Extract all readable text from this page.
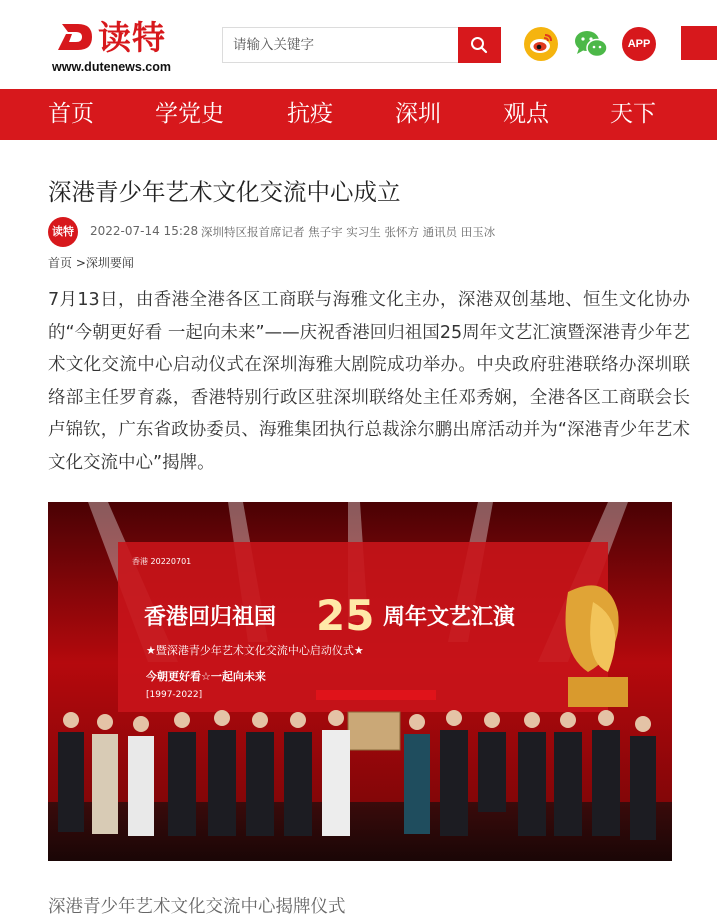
读特
www.dutenews.com
请输入关键字
APP
首页	学党史	抗疫	深圳	观点	天下
深港青少年艺术文化交流中心成立
读特	2022-07-14 15:28 深圳特区报首席记者 焦子宇 实习生 张怀方 通讯员 田玉冰
首页 >深圳要闻

7月13日，由香港全港各区工商联与海雅文化主办，深港双创基地、恒生文化协办的“今朝更好看 一起向未来”——庆祝香港回归祖国25周年文艺汇演暨深港青少年艺术文化交流中心启动仪式在深圳海雅大剧院成功举办。中央政府驻港联络办深圳联络部主任罗育淼，香港特别行政区驻深圳联络处主任邓秀娴，全港各区工商联会长卢锦钦，广东省政协委员、海雅集团执行总裁涂尔鹏出席活动并为“深港青少年艺术文化交流中心”揭牌。

香港 20220701
香港回归祖国 25 周年文艺汇演
★暨深港青少年艺术文化交流中心启动仪式★
今朝更好看☆一起向未来
[1997-2022]

深港青少年艺术文化交流中心揭牌仪式
